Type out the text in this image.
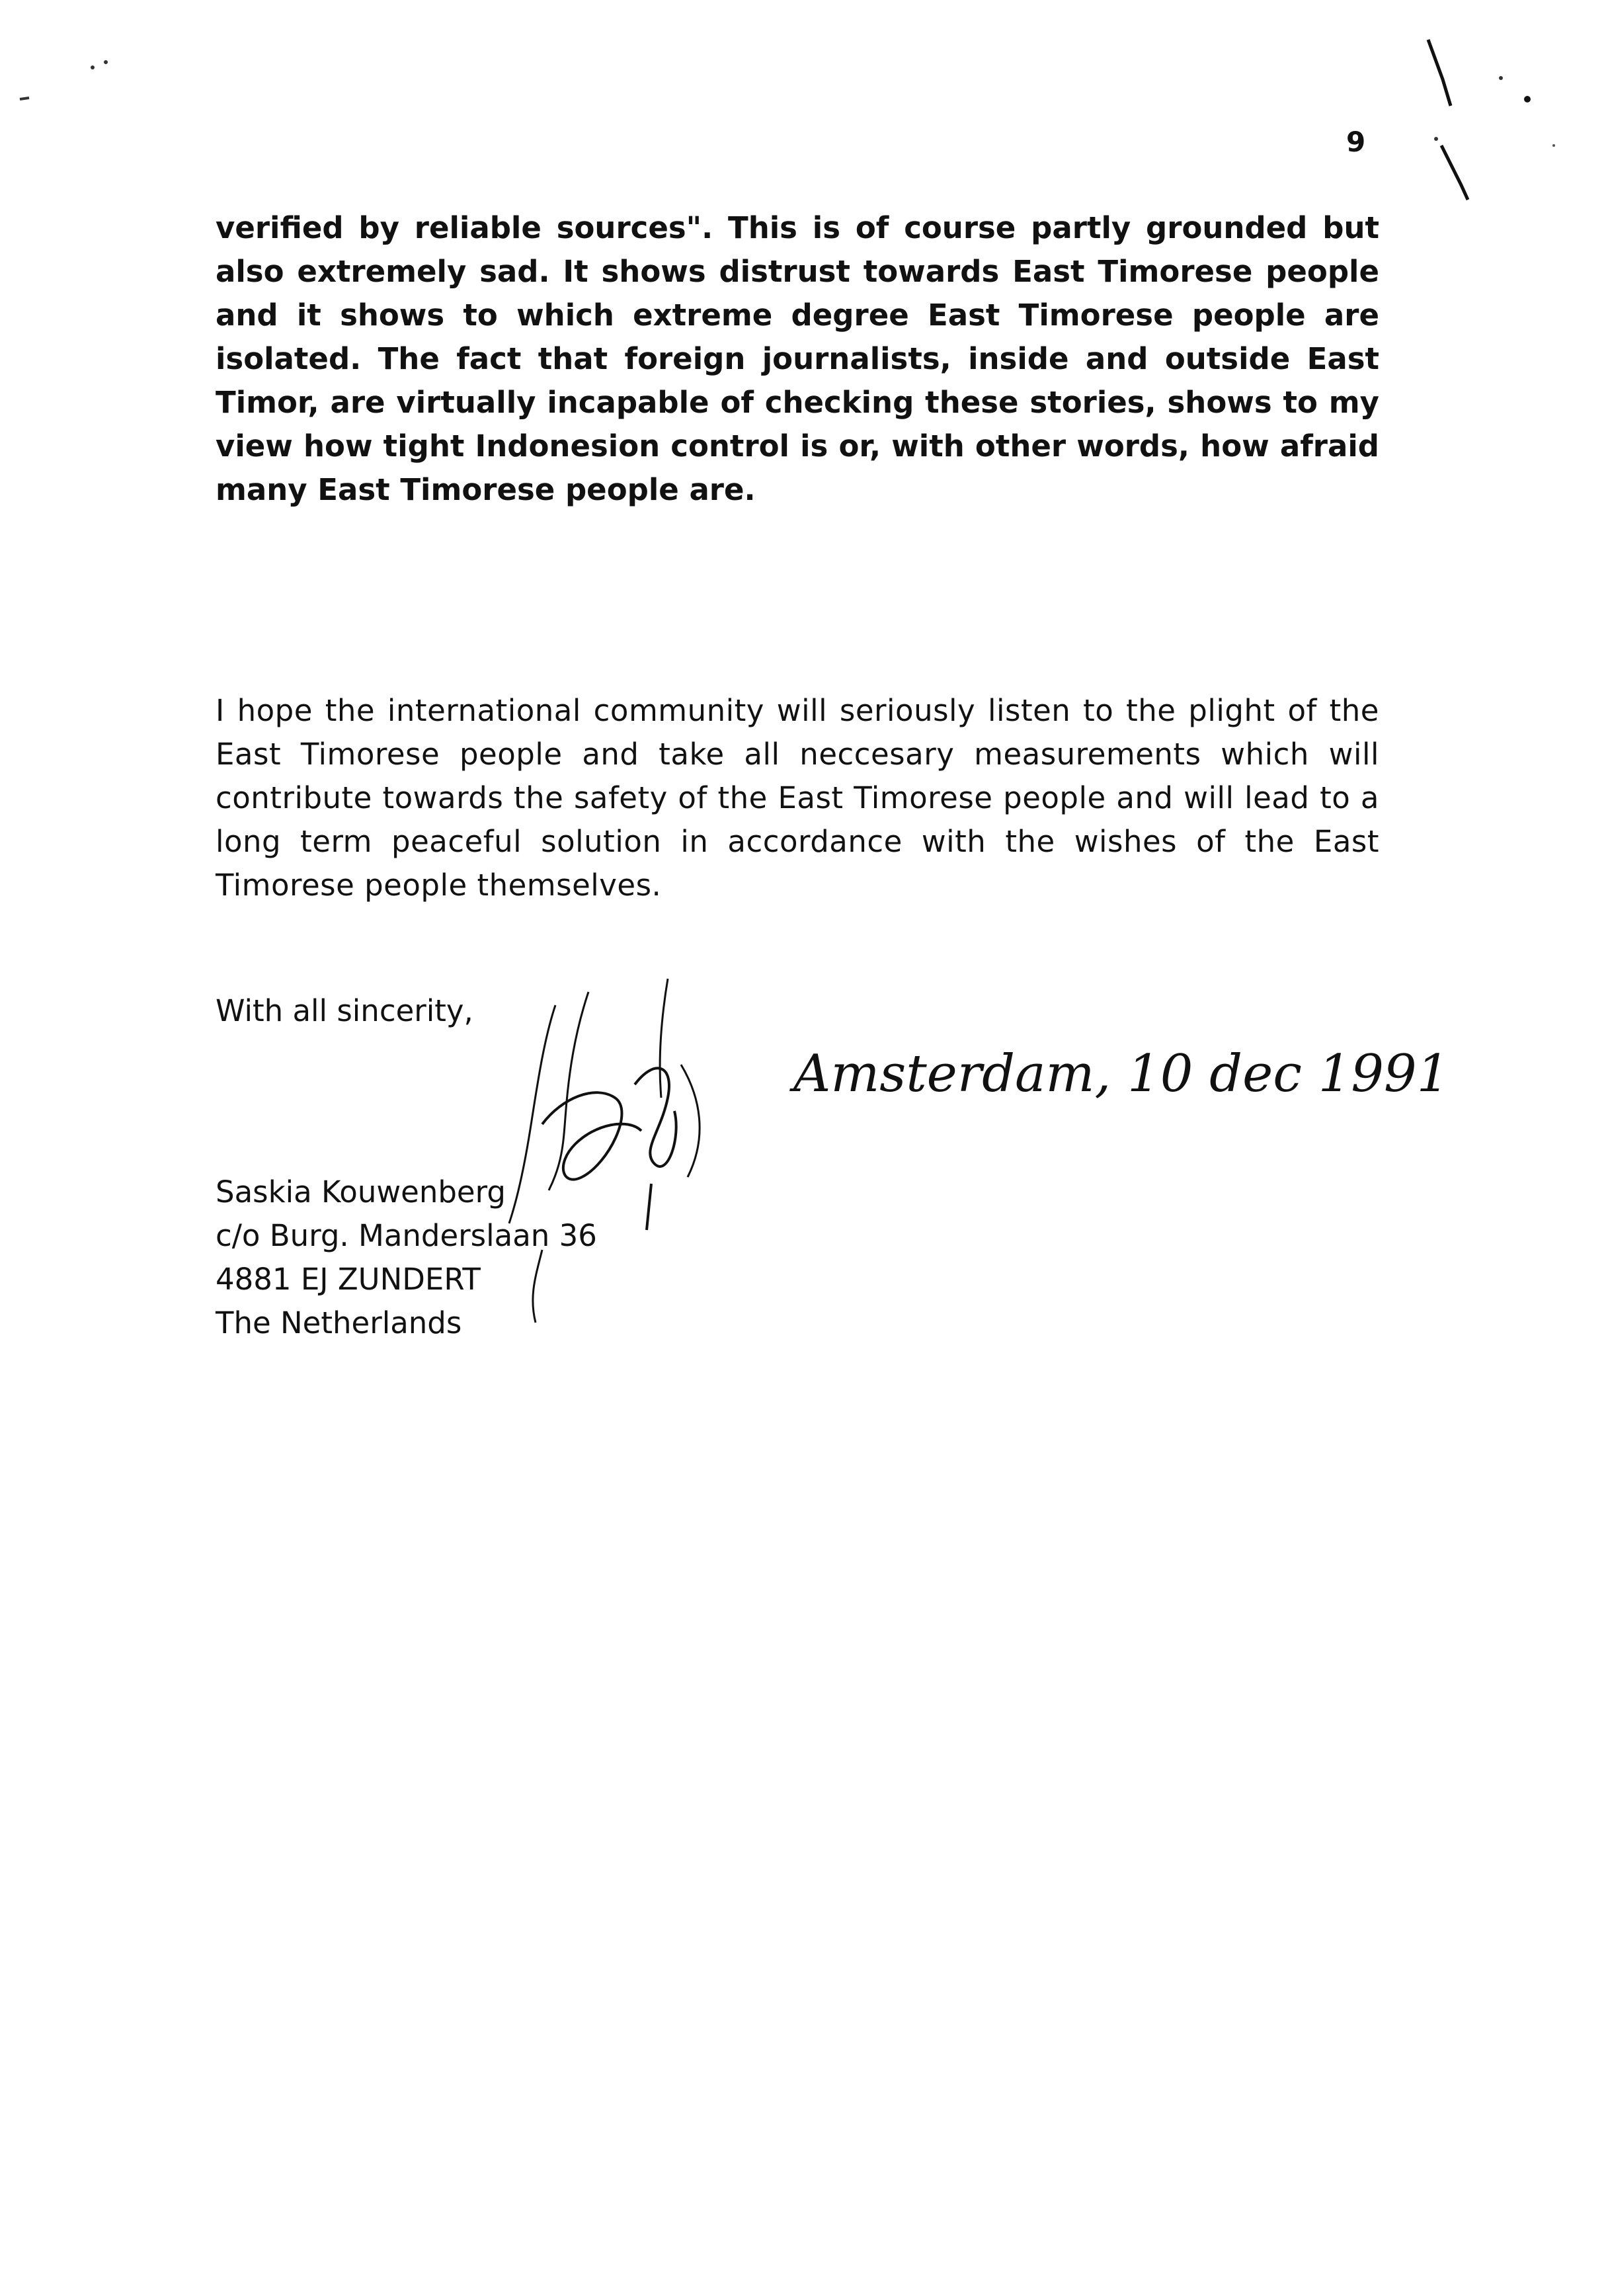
9

verified by reliable sources". This is of course partly grounded but also extremely sad. It shows distrust towards East Timorese people and it shows to which extreme degree East Timorese people are isolated. The fact that foreign journalists, inside and outside East Timor, are virtually incapable of checking these stories, shows to my view how tight Indonesion control is or, with other words, how afraid many East Timorese people are.

I hope the international community will seriously listen to the plight of the East Timorese people and take all neccesary measurements which will contribute towards the safety of the East Timorese people and will lead to a long term peaceful solution in accordance with the wishes of the East Timorese people themselves.

With all sincerity,

Amsterdam, 10 dec 1991
Saskia Kouwenberg
c/o Burg. Manderslaan 36
4881 EJ ZUNDERT
The Netherlands
